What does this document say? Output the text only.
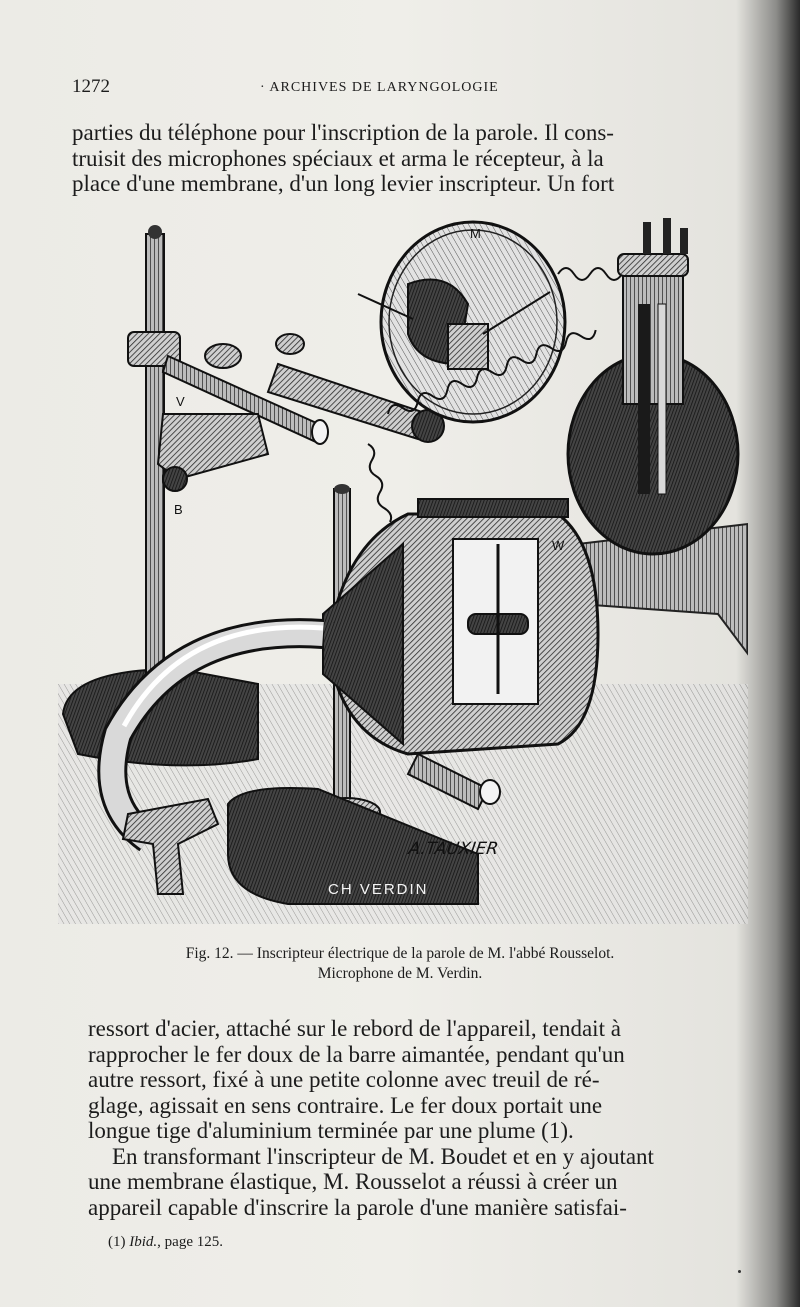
1272	· ARCHIVES DE LARYNGOLOGIE
parties du téléphone pour l'inscription de la parole. Il cons-
truisit des microphones spéciaux et arma le récepteur, à la
place d'une membrane, d'un long levier inscripteur. Un fort
M
V
B
W
A.TAUXIER
CH VERDIN
Fig. 12. — Inscripteur électrique de la parole de M. l'abbé Rousselot.
Microphone de M. Verdin.
ressort d'acier, attaché sur le rebord de l'appareil, tendait à
rapprocher le fer doux de la barre aimantée, pendant qu'un
autre ressort, fixé à une petite colonne avec treuil de ré-
glage, agissait en sens contraire. Le fer doux portait une
longue tige d'aluminium terminée par une plume (1).
En transformant l'inscripteur de M. Boudet et en y ajoutant
une membrane élastique, M. Rousselot a réussi à créer un
appareil capable d'inscrire la parole d'une manière satisfai-
(1) Ibid., page 125.
